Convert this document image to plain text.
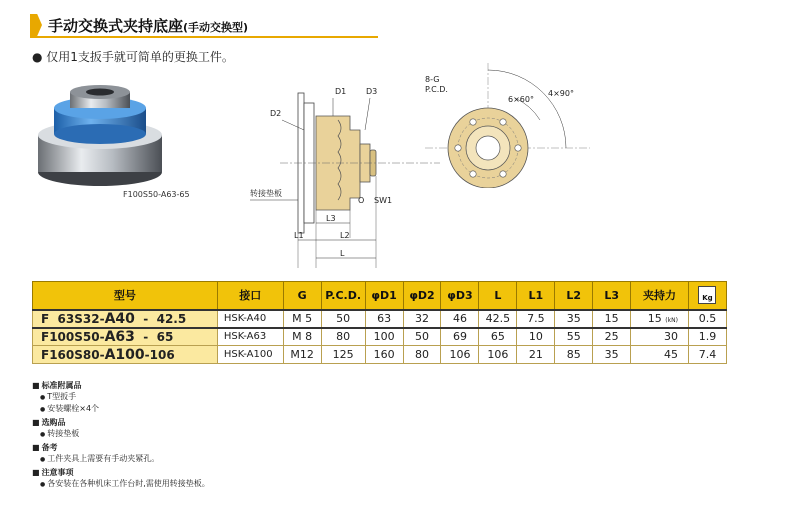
手动交换式夹持底座(手动交换型)
● 仅用1支扳手就可简单的更换工件。
F100S50-A63-65
D1 D3
D2
转接垫板
SW1
O
L3
L1	L2
L
8-G
P.C.D.
6×60°
4×90°
型号	接口	G	P.C.D.	φD1	φD2	φD3	L	L1	L2	L3	夹持力	Kg

F  63S32-A40  -  42.5	HSK-A40	M 5	50	63	32	46	42.5	7.5	35	15	15 (kN)	0.5
F100S50-A63  -  65	HSK-A63	M 8	80	100	50	69	65	10	55	25	30	1.9
F160S80-A100-106	HSK-A100	M12	125	160	80	106	106	21	85	35	45	7.4
■ 标准附属品
● T型扳手
● 安装螺栓×4个
■ 选购品
● 转接垫板
■ 备考
● 工件夹具上需要有手动夹紧孔。
■ 注意事项
● 各安装在各种机床工作台时,需使用转接垫板。
